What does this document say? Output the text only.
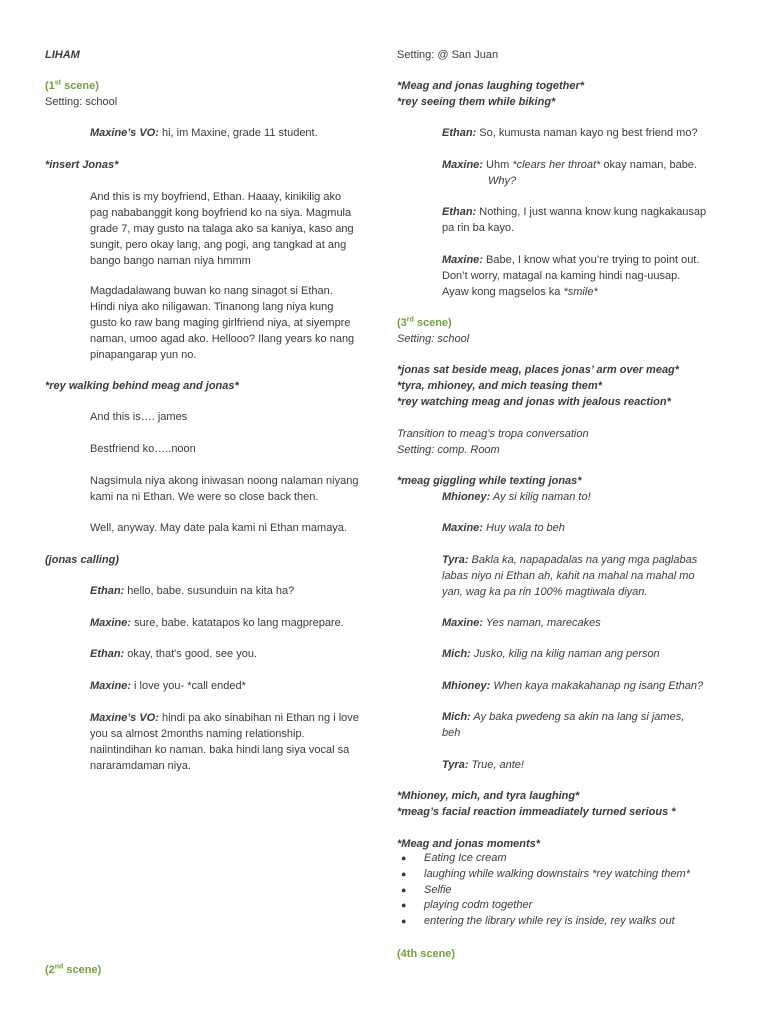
LIHAM
(1st scene)
Setting: school
Maxine’s VO: hi, im Maxine, grade 11 student.
*insert Jonas*
And this is my boyfriend, Ethan. Haaay, kinikilig ako
pag nababanggit kong boyfriend ko na siya. Magmula
grade 7, may gusto na talaga ako sa kaniya, kaso ang
sungit, pero okay lang, ang pogi, ang tangkad at ang
bango bango naman niya hmmm
Magdadalawang buwan ko nang sinagot si Ethan.
Hindi niya ako niligawan. Tinanong lang niya kung
gusto ko raw bang maging girlfriend niya, at siyempre
naman, umoo agad ako. Hellooo? Ilang years ko nang
pinapangarap yun no.
*rey walking behind meag and jonas*
And this is…. james
Bestfriend ko…..noon
Nagsimula niya akong iniwasan noong nalaman niyang
kami na ni Ethan. We were so close back then.
Well, anyway. May date pala kami ni Ethan mamaya.
(jonas calling)
Ethan: hello, babe. susunduin na kita ha?
Maxine: sure, babe. katatapos ko lang magprepare.
Ethan: okay, that's good. see you.
Maxine: i love you- *call ended*
Maxine’s VO: hindi pa ako sinabihan ni Ethan ng i love
you sa almost 2months naming relationship.
naiintindihan ko naman. baka hindi lang siya vocal sa
nararamdaman niya.
(2nd scene)
Setting: @ San Juan
*Meag and jonas laughing together*
*rey seeing them while biking*
Ethan: So, kumusta naman kayo ng best friend mo?
Maxine: Uhm *clears her throat* okay naman, babe.
Why?
Ethan: Nothing, I just wanna know kung nagkakausap
pa rin ba kayo.
Maxine: Babe, I know what you’re trying to point out.
Don’t worry, matagal na kaming hindi nag-uusap.
Ayaw kong magselos ka *smile*
(3rd scene)
Setting: school
*jonas sat beside meag, places jonas’ arm over meag*
*tyra, mhioney, and mich teasing them*
*rey watching meag and jonas with jealous reaction*
Transition to meag’s tropa conversation
Setting: comp. Room
*meag giggling while texting jonas*
Mhioney: Ay si kilig naman to!
Maxine: Huy wala to beh
Tyra: Bakla ka, napapadalas na yang mga paglabas
labas niyo ni Ethan ah, kahit na mahal na mahal mo
yan, wag ka pa rin 100% magtiwala diyan.
Maxine: Yes naman, marecakes
Mich: Jusko, kilig na kilig naman ang person
Mhioney: When kaya makakahanap ng isang Ethan?
Mich: Ay baka pwedeng sa akin na lang si james,
beh
Tyra: True, ante!
*Mhioney, mich, and tyra laughing*
*meag’s facial reaction immeadiately turned serious *
*Meag and jonas moments*
● Eating Ice cream
● laughing while walking downstairs *rey watching them*
● Selfie
● playing codm together
● entering the library while rey is inside, rey walks out
(4th scene)
